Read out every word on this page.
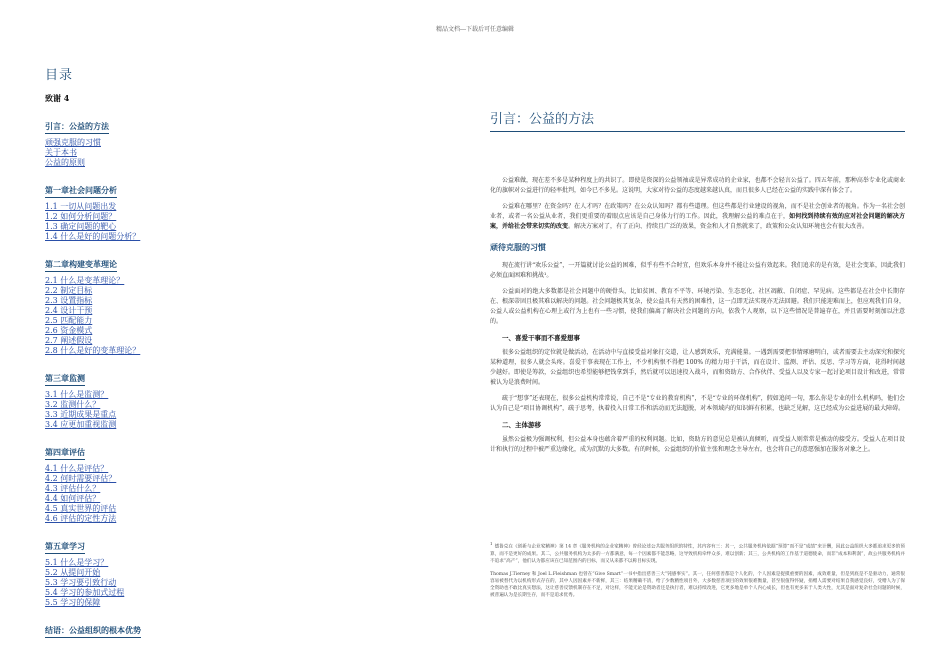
精品文档---下载后可任意编辑
目录
致谢 4
引言：公益的方法
顽强克服的习惯
关于本书
公益的原则
第一章社会问题分析
1.1 一切从问题出发
1.2 如何分析问题？
1.3 确定问题的靶心
1.4 什么是好的问题分析？
第二章构建变革理论
2.1 什么是变革理论？
2.2 制定目标
2.3 设置指标
2.4 设计干预
2.5 匹配能力
2.6 资金模式
2.7 阐述假设
2.8 什么是好的变革理论？
第三章监测
3.1 什么是监测？
3.2 监测什么？
3.3 近期成果是重点
3.4 应更加重视监测
第四章评估
4.1 什么是评估？
4.2 何时需要评估？
4.3 评估什么？
4.4 如何评估？
4.5 真实世界的评估
4.6 评估的定性方法
第五章学习
5.1 什么是学习？
5.2 从提问开始
5.3 学习要引致行动
5.4 学习的参加式过程
5.5 学习的保障
结语：公益组织的根本优势
引言：公益的方法

公益难做，现在差不多是某种程度上的共识了。即使是资深的公益领袖或是异常成功的企业家，也都不会轻言公益了。四五年前，那种高举专业化或商业化的旗帜对公益进行的轻率批判，如今已不多见。这说明，大家对待公益的态度越来越认真，而且很多人已经在公益的实践中深有体会了。

公益难在哪里？在资金吗？在人才吗？在政策吗？在公众认知吗？都有些道理。但这些都是行业建设的视角，而不是社会创业者的视角。作为一名社会创业者，或者一名公益从业者，我们更重要的着眼点应该是自己身体力行的工作。因此，我理解公益的难点在于，如何找到持续有效的应对社会问题的解决方案，并给社会带来切实的改变。解决方案对了，有了正向、持续且广泛的效果，资金和人才自然就来了，政策和公众认知环境也会有很大改善。

顽待克服的习惯

现在流行讲“欢乐公益”，一开篇就讨论公益的困难，似乎有些不合时宜，但欢乐本身并不能让公益有效起来。我们追求的是有效，是社会变革，因此我们必须直面困难和挑战¹。

公益面对的绝大多数都是社会问题中的硬骨头，比如贫困、教育不平等、环境污染、生态恶化、社区凋敝、自闭症、罕见病。这些都是在社会中长期存在、根深蒂固且极其难以解决的问题。社会问题极其复杂，使公益具有天然的困难性，这一点即无法实现亦无法回避。我们只能迎难而上，但应观我们自身，公益人或公益机构在心理上或行为上也有一些习惯，使我们偏离了解决社会问题的方向，依我个人观察，以下这些情况是普遍存在，并且需要时刻加以注意的。

一、喜爱干事而不喜爱想事

很多公益组织的定位就是做活动，在活动中与直接受益对象打交道，让人感到欢乐，充满能量。一遇到需要把事情琢磨明白，或者需要去主动深究和探究某种道理，很多人就会头疼。喜爱干事表现在工作上，不少机构恨不得把 100% 的精力用于干活，而在设计、监测、评估、反思、学习等方面，花得时间越少越好。即使是筹款，公益组织也希望能够把钱拿到手，然后就可以迅速投入战斗，而和资助方、合作伙伴、受益人以及专家一起讨论项目设计和改进，常常被认为是浪费时间。

疏于“想事”还表现在，很多公益机构常常说，自己不是“专业的教育机构”，不是“专业的环保机构”，假如追问一句，那么你是专业的什么机构吗，他们会认为自己是“项目协调机构”，疏于思考，执着投入日常工作和活动而无法超脱，对本领域内的知识鲜有积累，也缺乏见解，这已经成为公益进展的最大障碍。

二、主体游移

虽然公益极为强调权利，但公益本身也蕴含着严重的权利问题。比如，资助方的意见总是被认真倾听，而受益人则常常是被动的接受方。受益人在项目设计和执行的过程中被严重边缘化，成为沉默的大多数。有的时候，公益组织的价值主张和理念主导左右，也会将自己的意愿强加在服务对象之上。

1德鲁克在《创新与企业家精神》第 14 章《服务机构的企业家精神》曾经论述公共服务组织的特性，其内容有三：其一，公共服务机构依据“预算”而不是“成绩”来计酬，因此公益组织大多都追求更多的预算，而不是更好的成果。其二，公共服务机构为太多的一方都满意，每一个因素都不能忽略，这导致机构牵绊众多，难以创新；其三，公共机构的工作基于道德使命，而非“成本和利润”，故公共服务机构并不追求“高产”，他们认为都应该在已知范围内的目标，而又从来都不以称目标实现。

Thomas J.Tierney 和 Joel L.Fleishman 也曾在“Give Smart”一书中指出慈善三大“钝感事实”。其一，任何慈善都是个人化的，个人因素是捉摸重要的因素，成效难量，但是到底是不是驱动力，通常很容易被替代为以机构形式存在的，其中人因因素并不新鲜，其三：结果精确不清，给了少数精性项目外，大多数慈善项目的效果很难衡量，甚至很值得怀疑，捐赠人需要对结果自我感觉良好，受赠人为了保全资助也不敢比真实想法，这让慈善反馈机制存在不足，对这样，不能无论是资助者还是执行者，难以持续改进，它更多地是单个人内心成长，但也有更多来于人类大性，尤其是面对复杂社会问题的时候，被普遍认为是长期生存，而不是追求优秀。
